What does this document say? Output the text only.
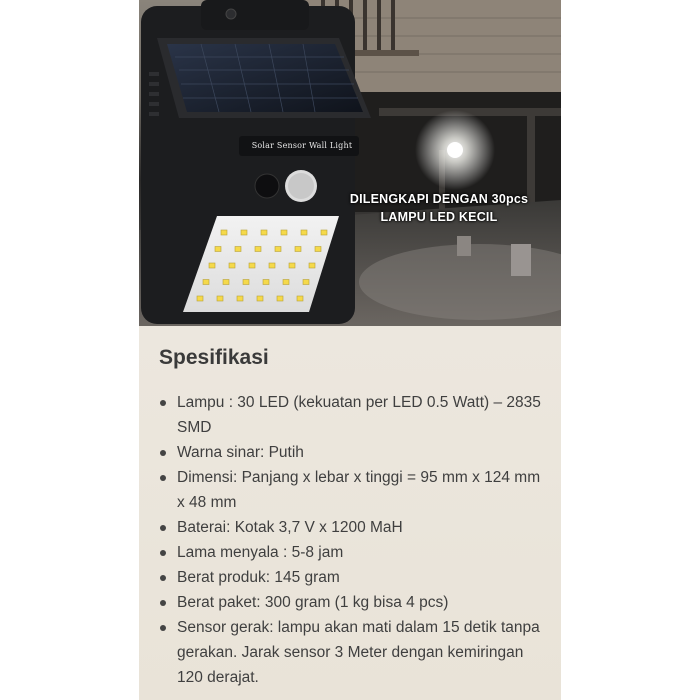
Solar Sensor Wall Light
DILENGKAPI DENGAN 30pcs
LAMPU LED KECIL
Spesifikasi
Lampu : 30 LED (kekuatan per LED 0.5 Watt) – 2835 SMD
Warna sinar: Putih
Dimensi: Panjang x lebar x tinggi = 95 mm x 124 mm x 48 mm
Baterai: Kotak 3,7 V x 1200 MaH
Lama menyala : 5-8 jam
Berat produk: 145 gram
Berat paket: 300 gram (1 kg bisa 4 pcs)
Sensor gerak: lampu akan mati dalam 15 detik tanpa gerakan. Jarak sensor 3 Meter dengan kemiringan 120 derajat.
